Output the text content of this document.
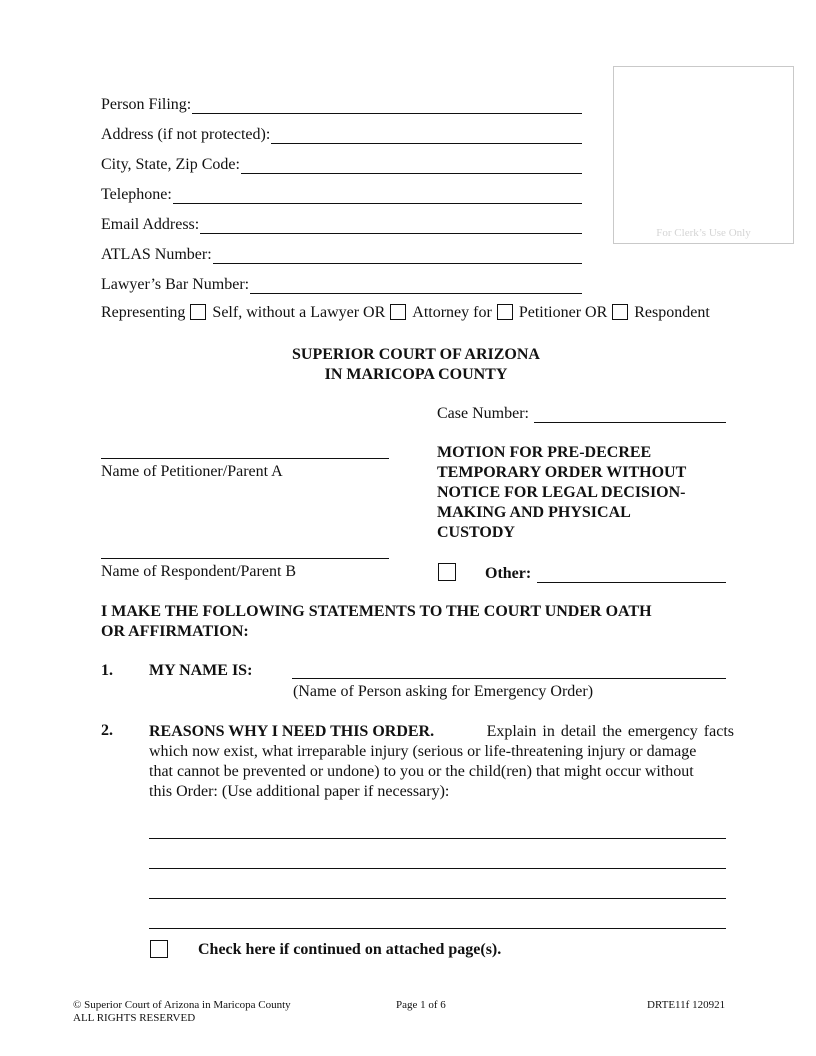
Person Filing:
Address (if not protected):
City, State, Zip Code:
Telephone:
Email Address:
ATLAS Number:
Lawyer’s Bar Number:
For Clerk’s Use Only
Representing Self, without a Lawyer OR Attorney for Petitioner OR Respondent
SUPERIOR COURT OF ARIZONA
IN MARICOPA COUNTY
Case Number:
Name of Petitioner/Parent A
MOTION FOR PRE-DECREE
TEMPORARY ORDER WITHOUT
NOTICE FOR LEGAL DECISION-
MAKING AND PHYSICAL
CUSTODY
Name of Respondent/Parent B	Other:
I MAKE THE FOLLOWING STATEMENTS TO THE COURT UNDER OATH
OR AFFIRMATION:
1. MY NAME IS:
(Name of Person asking for Emergency Order)
2. REASONS WHY I NEED THIS ORDER.	Explain in detail the emergency facts
which now exist, what irreparable injury (serious or life-threatening injury or damage
that cannot be prevented or undone) to you or the child(ren) that might occur without
this Order: (Use additional paper if necessary):
Check here if continued on attached page(s).
© Superior Court of Arizona in Maricopa County
ALL RIGHTS RESERVED
Page 1 of 6	DRTE11f 120921
